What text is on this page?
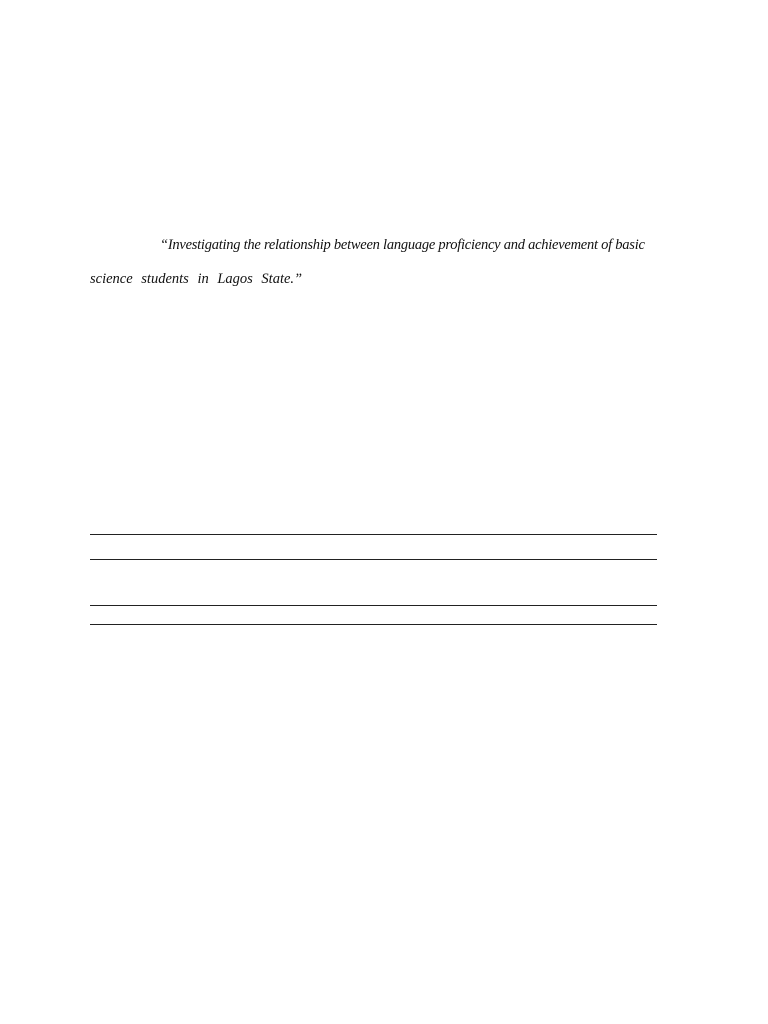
“Investigating the relationship between language proficiency and achievement of basic
science students in Lagos State.”
